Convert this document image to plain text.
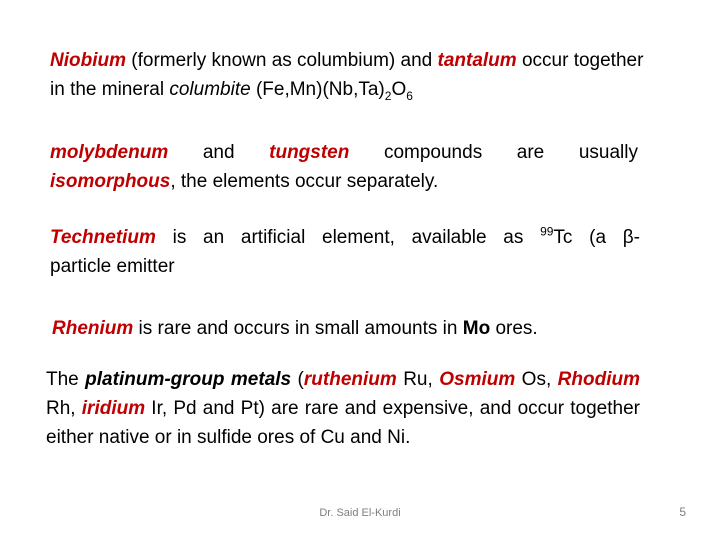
Niobium (formerly known as columbium) and tantalum occur together in the mineral columbite $(Fe,Mn)(Nb,Ta)_2O_6$

molybdenum and tungsten compounds are usually
isomorphous, the elements occur separately.

Technetium is an artificial element, available as $^{99}$Tc (a β-
particle emitter

Rhenium is rare and occurs in small amounts in Mo ores.

The platinum-group metals (ruthenium Ru, Osmium Os, Rhodium Rh, iridium Ir, Pd and Pt) are rare and expensive, and occur together either native or in sulfide ores of Cu and Ni.

Dr. Said El-Kurdi	5
